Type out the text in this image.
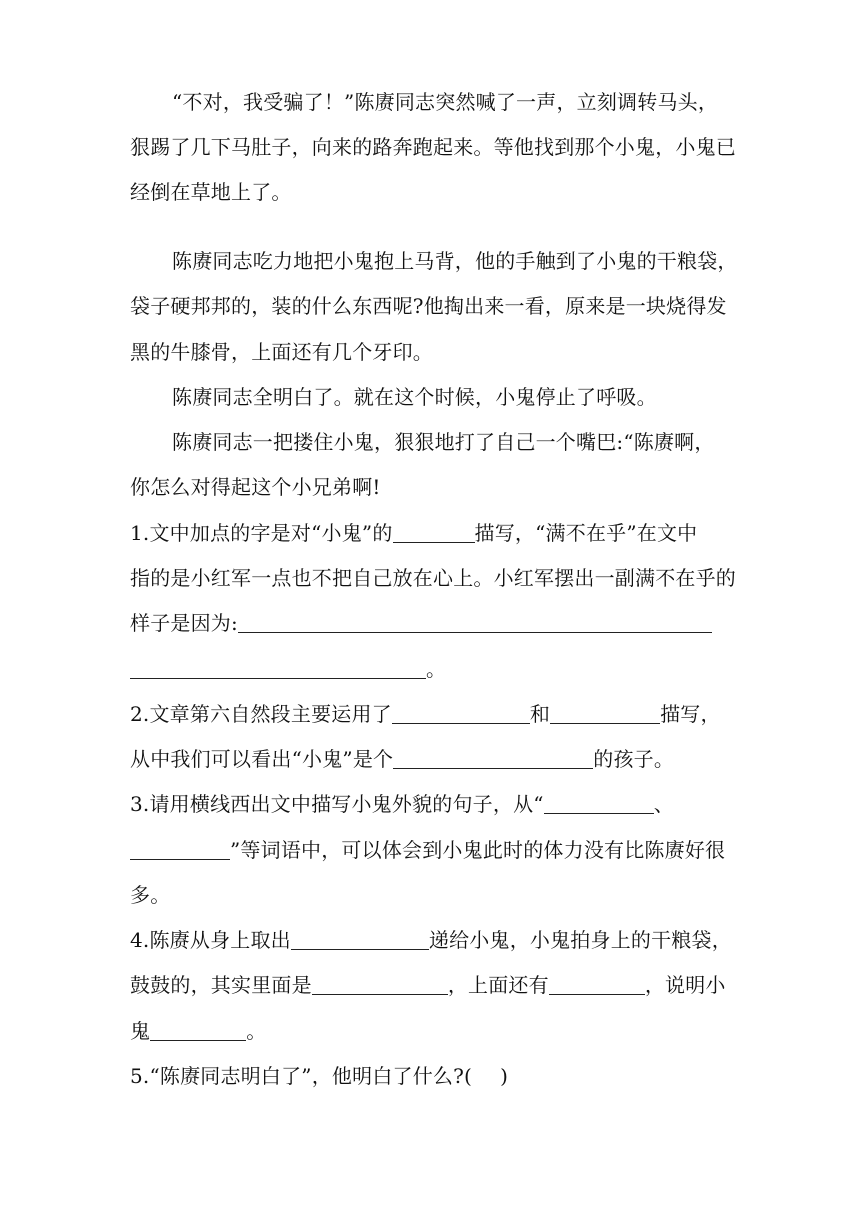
“不对，我受骗了！”陈赓同志突然喊了一声，立刻调转马头，
狠踢了几下马肚子，向来的路奔跑起来。等他找到那个小鬼，小鬼已
经倒在草地上了。
陈赓同志吃力地把小鬼抱上马背，他的手触到了小鬼的干粮袋，
袋子硬邦邦的，装的什么东西呢?他掏出来一看，原来是一块烧得发
黑的牛膝骨，上面还有几个牙印。
陈赓同志全明白了。就在这个时候，小鬼停止了呼吸。
陈赓同志一把搂住小鬼，狠狠地打了自己一个嘴巴:“陈赓啊，
你怎么对得起这个小兄弟啊!
1.文中加点的字是对“小鬼”的	描写，“满不在乎”在文中
指的是小红军一点也不把自己放在心上。小红军摆出一副满不在乎的
样子是因为:
。
2.文章第六自然段主要运用了	和	描写，
从中我们可以看出“小鬼”是个	的孩子。
3.请用横线西出文中描写小鬼外貌的句子，从“	、
”等词语中，可以体会到小鬼此时的体力没有比陈赓好很
多。
4.陈赓从身上取出	递给小鬼，小鬼拍身上的干粮袋，
鼓鼓的，其实里面是	，上面还有	，说明小
鬼	。
5.“陈赓同志明白了”，他明白了什么?( )
